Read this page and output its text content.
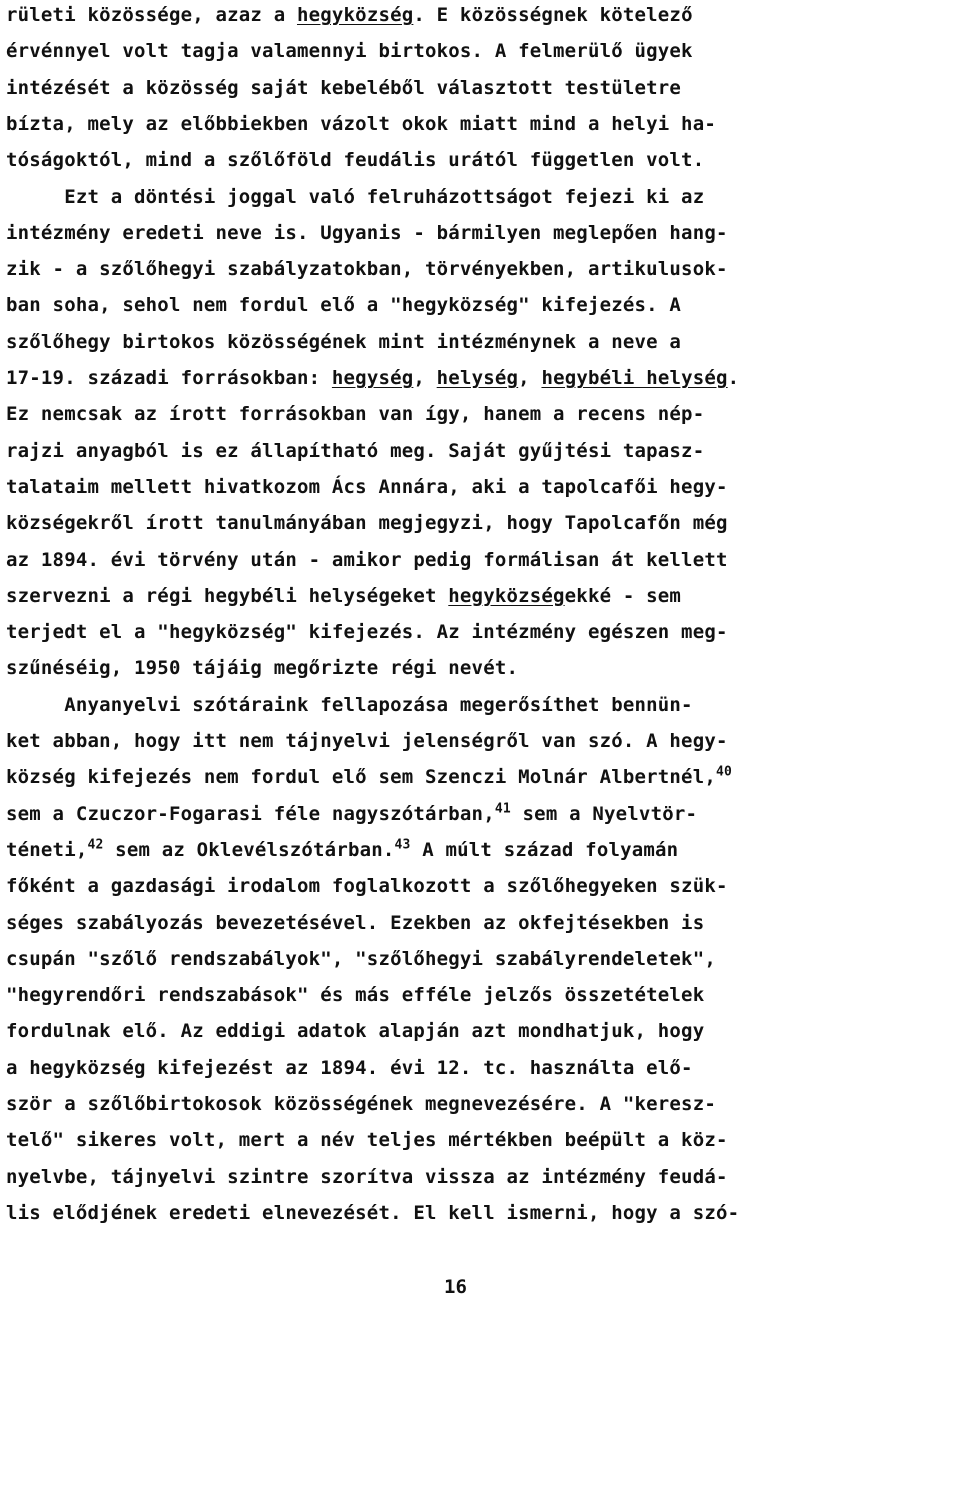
rületi közössége, azaz a hegyközség. E közösségnek kötelező
érvénnyel volt tagja valamennyi birtokos. A felmerülő ügyek
intézését a közösség saját kebeléből választott testületre
bízta, mely az előbbiekben vázolt okok miatt mind a helyi ha-
tóságoktól, mind a szőlőföld feudális urától független volt.
Ezt a döntési joggal való felruházottságot fejezi ki az
intézmény eredeti neve is. Ugyanis - bármilyen meglepően hang-
zik - a szőlőhegyi szabályzatokban, törvényekben, artikulusok-
ban soha, sehol nem fordul elő a "hegyközség" kifejezés. A
szőlőhegy birtokos közösségének mint intézménynek a neve a
17-19. századi forrásokban: hegység, helység, hegybéli helység.
Ez nemcsak az írott forrásokban van így, hanem a recens nép-
rajzi anyagból is ez állapítható meg. Saját gyűjtési tapasz-
talataim mellett hivatkozom Ács Annára, aki a tapolcafői hegy-
községekről írott tanulmányában megjegyzi, hogy Tapolcafőn még
az 1894. évi törvény után - amikor pedig formálisan át kellett
szervezni a régi hegybéli helységeket hegyközségekké - sem
terjedt el a "hegyközség" kifejezés. Az intézmény egészen meg-
szűnéséig, 1950 tájáig megőrizte régi nevét.
Anyanyelvi szótáraink fellapozása megerősíthet bennün-
ket abban, hogy itt nem tájnyelvi jelenségről van szó. A hegy-
község kifejezés nem fordul elő sem Szenczi Molnár Albertnél,$^{40}$
sem a Czuczor-Fogarasi féle nagyszótárban,$^{41}$ sem a Nyelvtör-
téneti,$^{42}$ sem az Oklevélszótárban.$^{43}$ A múlt század folyamán
főként a gazdasági irodalom foglalkozott a szőlőhegyeken szük-
séges szabályozás bevezetésével. Ezekben az okfejtésekben is
csupán "szőlő rendszabályok", "szőlőhegyi szabályrendeletek",
"hegyrendőri rendszabások" és más efféle jelzős összetételek
fordulnak elő. Az eddigi adatok alapján azt mondhatjuk, hogy
a hegyközség kifejezést az 1894. évi 12. tc. használta elő-
ször a szőlőbirtokosok közösségének megnevezésére. A "keresz-
telő" sikeres volt, mert a név teljes mértékben beépült a köz-
nyelvbe, tájnyelvi szintre szorítva vissza az intézmény feudá-
lis elődjének eredeti elnevezését. El kell ismerni, hogy a szó-
16
